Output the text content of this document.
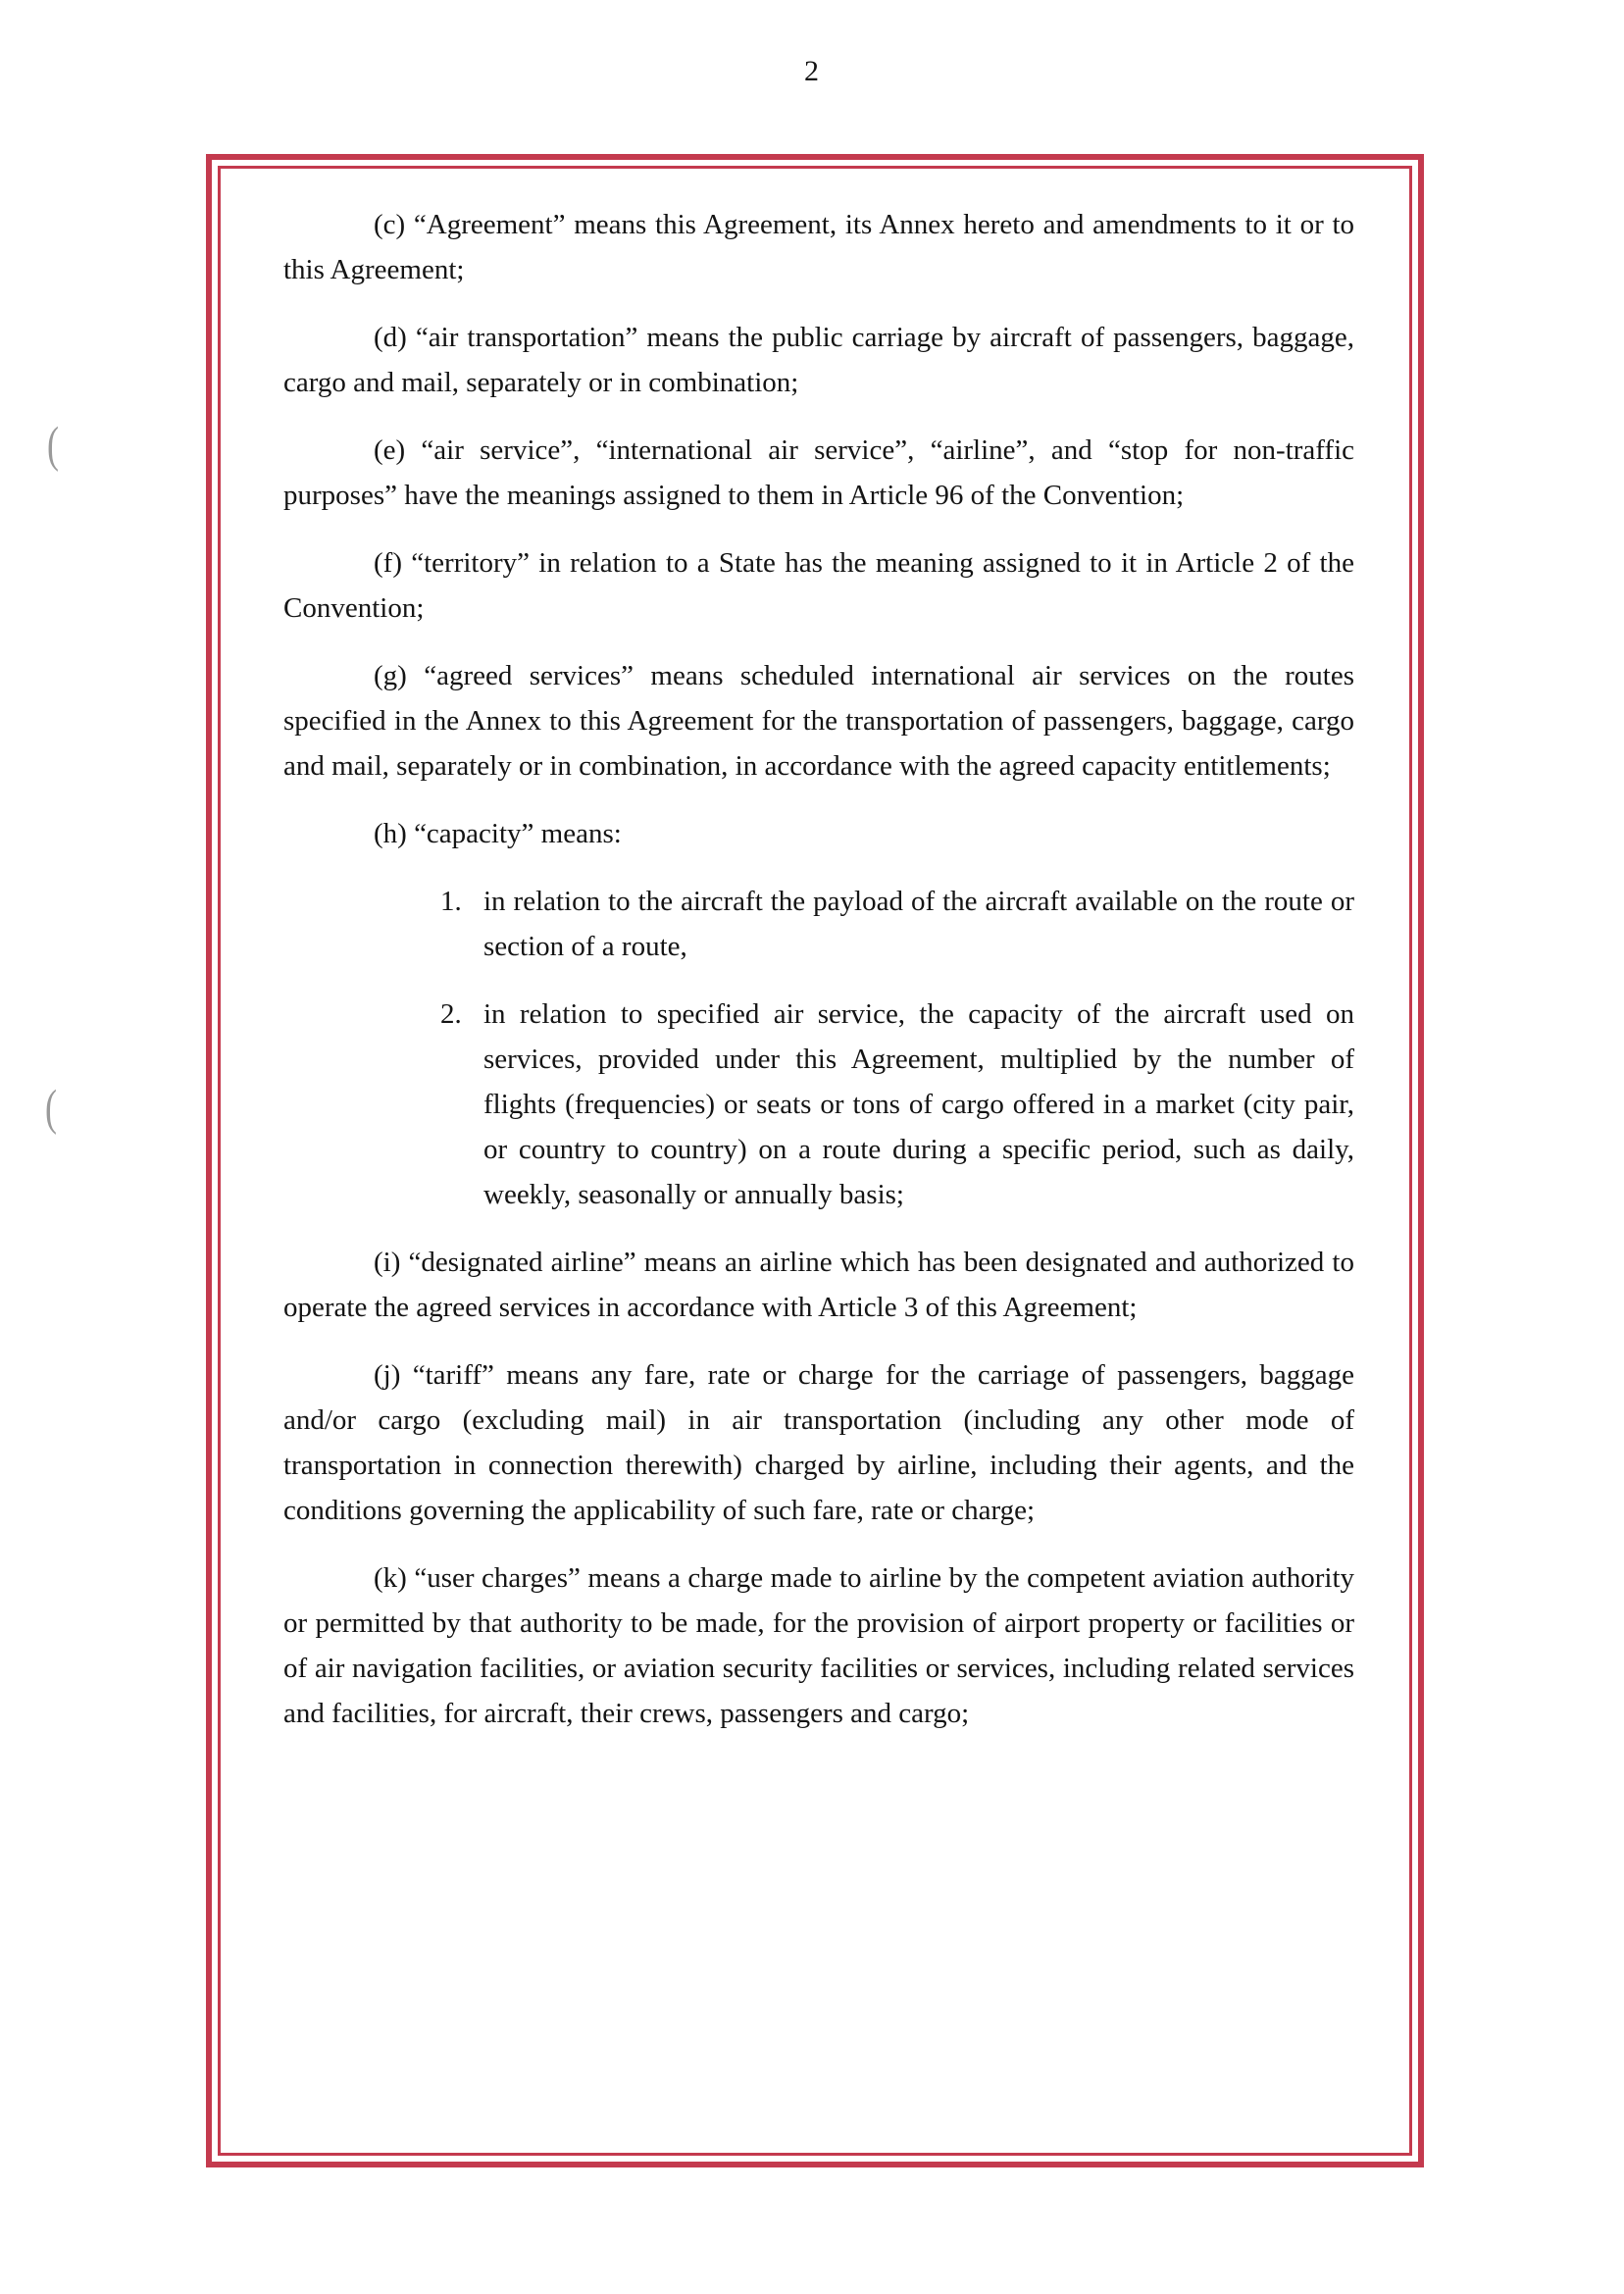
2
(
(

(c) “Agreement” means this Agreement, its Annex hereto and amendments to it or to this Agreement;

(d) “air transportation” means the public carriage by aircraft of passengers, baggage, cargo and mail, separately or in combination;

(e) “air service”, “international air service”, “airline”, and “stop for non-traffic purposes” have the meanings assigned to them in Article 96 of the Convention;

(f) “territory” in relation to a State has the meaning assigned to it in Article 2 of the Convention;

(g) “agreed services” means scheduled international air services on the routes specified in the Annex to this Agreement for the transportation of passengers, baggage, cargo and mail, separately or in combination, in accordance with the agreed capacity entitlements;

(h) “capacity” means:

1. in relation to the aircraft the payload of the aircraft available on the route or section of a route,
2. in relation to specified air service, the capacity of the aircraft used on services, provided under this Agreement, multiplied by the number of flights (frequencies) or seats or tons of cargo offered in a market (city pair, or country to country) on a route during a specific period, such as daily, weekly, seasonally or annually basis;

(i) “designated airline” means an airline which has been designated and authorized to operate the agreed services in accordance with Article 3 of this Agreement;

(j) “tariff” means any fare, rate or charge for the carriage of passengers, baggage and/or cargo (excluding mail) in air transportation (including any other mode of transportation in connection therewith) charged by airline, including their agents, and the conditions governing the applicability of such fare, rate or charge;

(k) “user charges” means a charge made to airline by the competent aviation authority or permitted by that authority to be made, for the provision of airport property or facilities or of air navigation facilities, or aviation security facilities or services, including related services and facilities, for aircraft, their crews, passengers and cargo;
